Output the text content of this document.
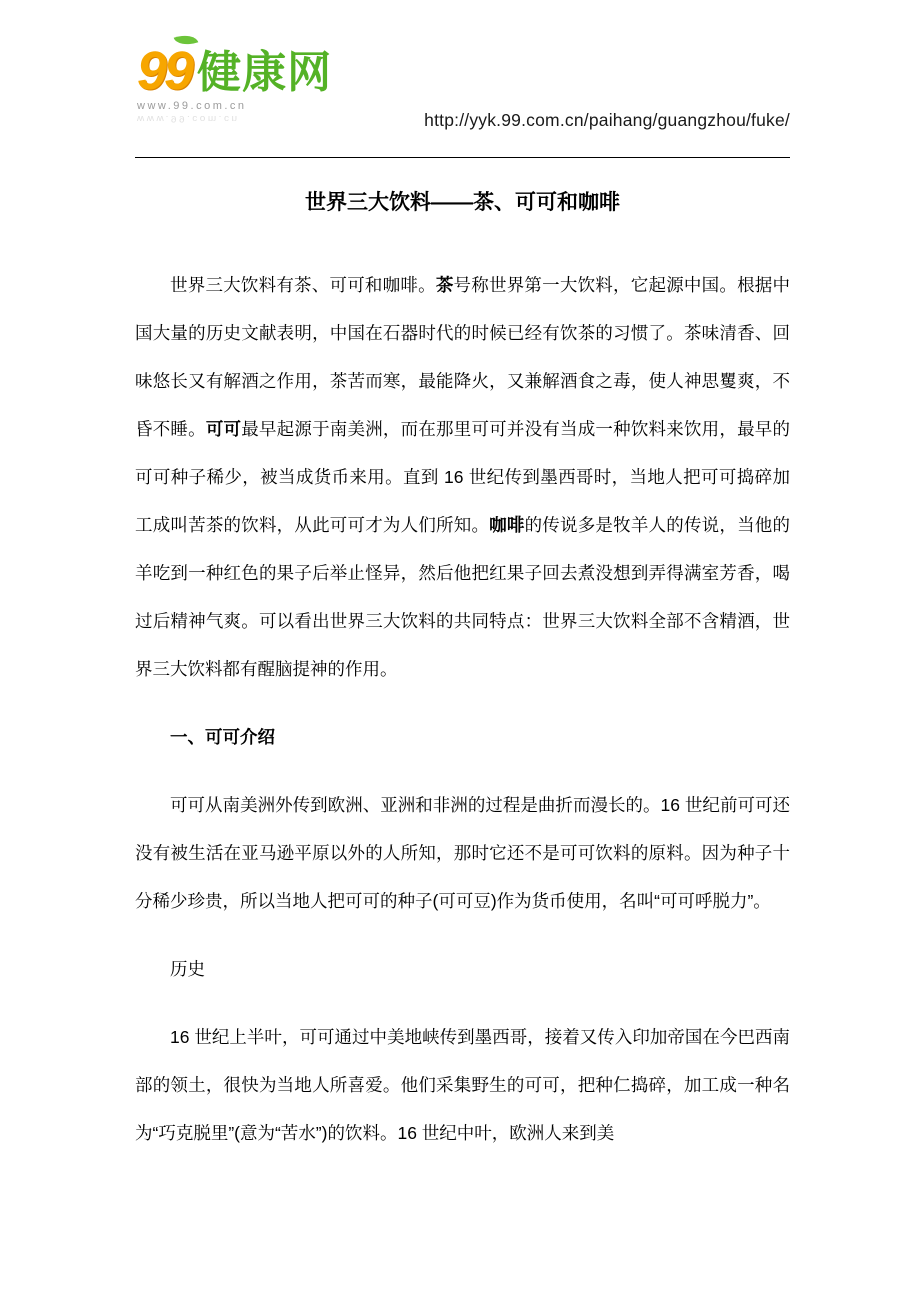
99 健康网
www.99.com.cn
www.99.com.cn	http://yyk.99.com.cn/paihang/guangzhou/fuke/
世界三大饮料——茶、可可和咖啡

世界三大饮料有茶、可可和咖啡。茶号称世界第一大饮料，它起源中国。根据中国大量的历史文献表明，中国在石器时代的时候已经有饮茶的习惯了。茶味清香、回味悠长又有解酒之作用，茶苦而寒，最能降火，又兼解酒食之毒，使人神思矍爽，不昏不睡。可可最早起源于南美洲，而在那里可可并没有当成一种饮料来饮用，最早的可可种子稀少，被当成货币来用。直到 16 世纪传到墨西哥时，当地人把可可捣碎加工成叫苦茶的饮料，从此可可才为人们所知。咖啡的传说多是牧羊人的传说，当他的羊吃到一种红色的果子后举止怪异，然后他把红果子回去煮没想到弄得满室芳香，喝过后精神气爽。可以看出世界三大饮料的共同特点：世界三大饮料全部不含精酒，世界三大饮料都有醒脑提神的作用。

一、可可介绍

可可从南美洲外传到欧洲、亚洲和非洲的过程是曲折而漫长的。16 世纪前可可还没有被生活在亚马逊平原以外的人所知，那时它还不是可可饮料的原料。因为种子十分稀少珍贵，所以当地人把可可的种子(可可豆)作为货币使用，名叫“可可呼脱力”。

历史

16 世纪上半叶，可可通过中美地峡传到墨西哥，接着又传入印加帝国在今巴西南部的领土，很快为当地人所喜爱。他们采集野生的可可，把种仁捣碎，加工成一种名为“巧克脱里”(意为“苦水”)的饮料。16 世纪中叶，欧洲人来到美
